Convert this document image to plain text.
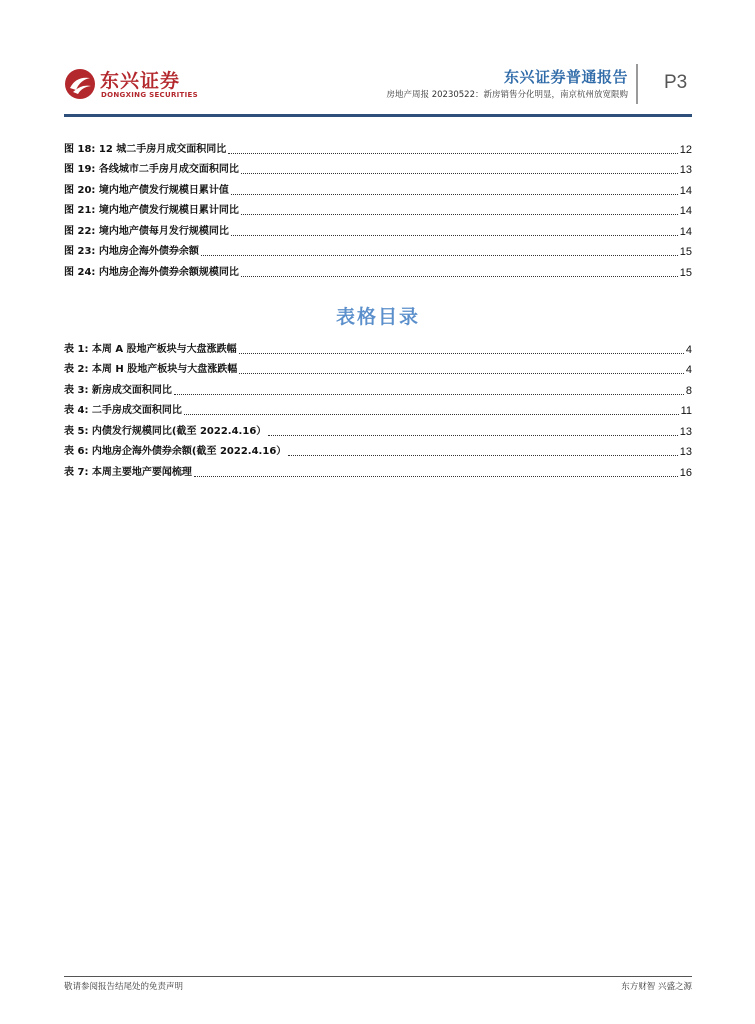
东兴证券
DONGXING SECURITIES
东兴证券普通报告
房地产周报 20230522：新房销售分化明显，南京杭州放宽限购
P3
图 18: 12 城二手房月成交面积同比	12
图 19: 各线城市二手房月成交面积同比	13
图 20: 境内地产债发行规模日累计值	14
图 21: 境内地产债发行规模日累计同比	14
图 22: 境内地产债每月发行规模同比	14
图 23: 内地房企海外债券余额	15
图 24: 内地房企海外债券余额规模同比	15
表格目录
表 1: 本周 A 股地产板块与大盘涨跌幅	4
表 2: 本周 H 股地产板块与大盘涨跌幅	4
表 3: 新房成交面积同比	8
表 4: 二手房成交面积同比	11
表 5: 内债发行规模同比(截至 2022.4.16）	13
表 6: 内地房企海外债券余额(截至 2022.4.16）	13
表 7: 本周主要地产要闻梳理	16
敬请参阅报告结尾处的免责声明	东方财智 兴盛之源
